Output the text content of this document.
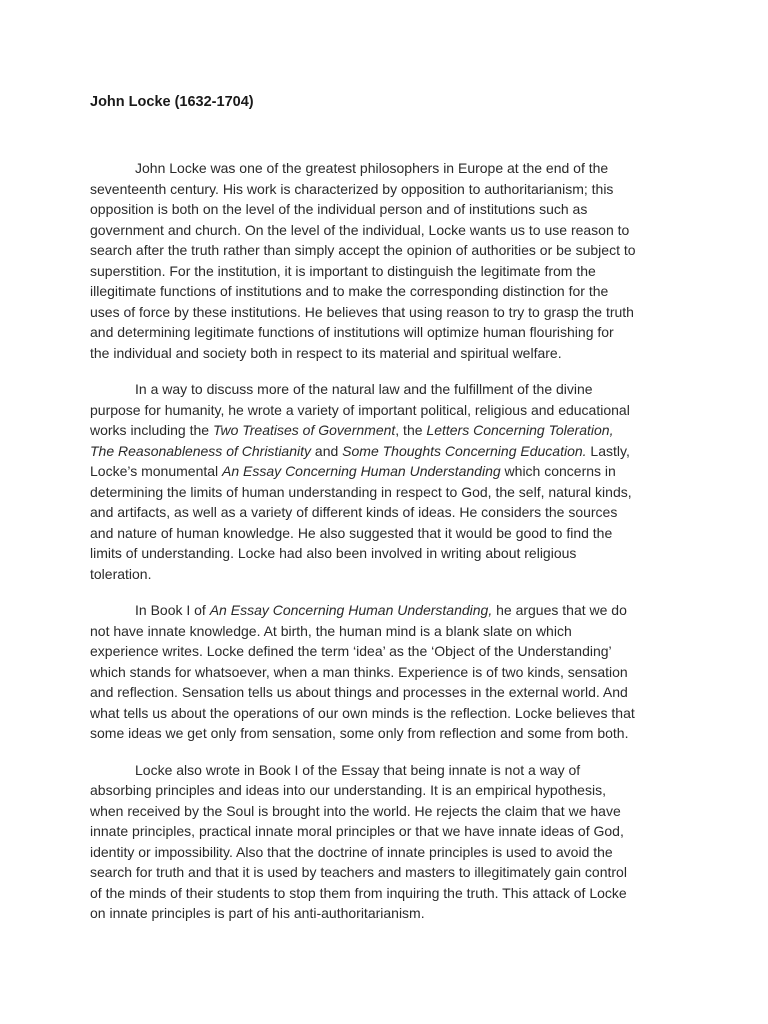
John Locke (1632-1704)

John Locke was one of the greatest philosophers in Europe at the end of the
seventeenth century. His work is characterized by opposition to authoritarianism; this
opposition is both on the level of the individual person and of institutions such as
government and church. On the level of the individual, Locke wants us to use reason to
search after the truth rather than simply accept the opinion of authorities or be subject to
superstition. For the institution, it is important to distinguish the legitimate from the
illegitimate functions of institutions and to make the corresponding distinction for the
uses of force by these institutions. He believes that using reason to try to grasp the truth
and determining legitimate functions of institutions will optimize human flourishing for
the individual and society both in respect to its material and spiritual welfare.

In a way to discuss more of the natural law and the fulfillment of the divine
purpose for humanity, he wrote a variety of important political, religious and educational
works including the Two Treatises of Government, the Letters Concerning Toleration,
The Reasonableness of Christianity and Some Thoughts Concerning Education. Lastly,
Locke’s monumental An Essay Concerning Human Understanding which concerns in
determining the limits of human understanding in respect to God, the self, natural kinds,
and artifacts, as well as a variety of different kinds of ideas. He considers the sources
and nature of human knowledge. He also suggested that it would be good to find the
limits of understanding. Locke had also been involved in writing about religious
toleration.

In Book I of An Essay Concerning Human Understanding, he argues that we do
not have innate knowledge. At birth, the human mind is a blank slate on which
experience writes. Locke defined the term ‘idea’ as the ‘Object of the Understanding’
which stands for whatsoever, when a man thinks. Experience is of two kinds, sensation
and reflection. Sensation tells us about things and processes in the external world. And
what tells us about the operations of our own minds is the reflection. Locke believes that
some ideas we get only from sensation, some only from reflection and some from both.

Locke also wrote in Book I of the Essay that being innate is not a way of
absorbing principles and ideas into our understanding. It is an empirical hypothesis,
when received by the Soul is brought into the world. He rejects the claim that we have
innate principles, practical innate moral principles or that we have innate ideas of God,
identity or impossibility. Also that the doctrine of innate principles is used to avoid the
search for truth and that it is used by teachers and masters to illegitimately gain control
of the minds of their students to stop them from inquiring the truth. This attack of Locke
on innate principles is part of his anti-authoritarianism.
